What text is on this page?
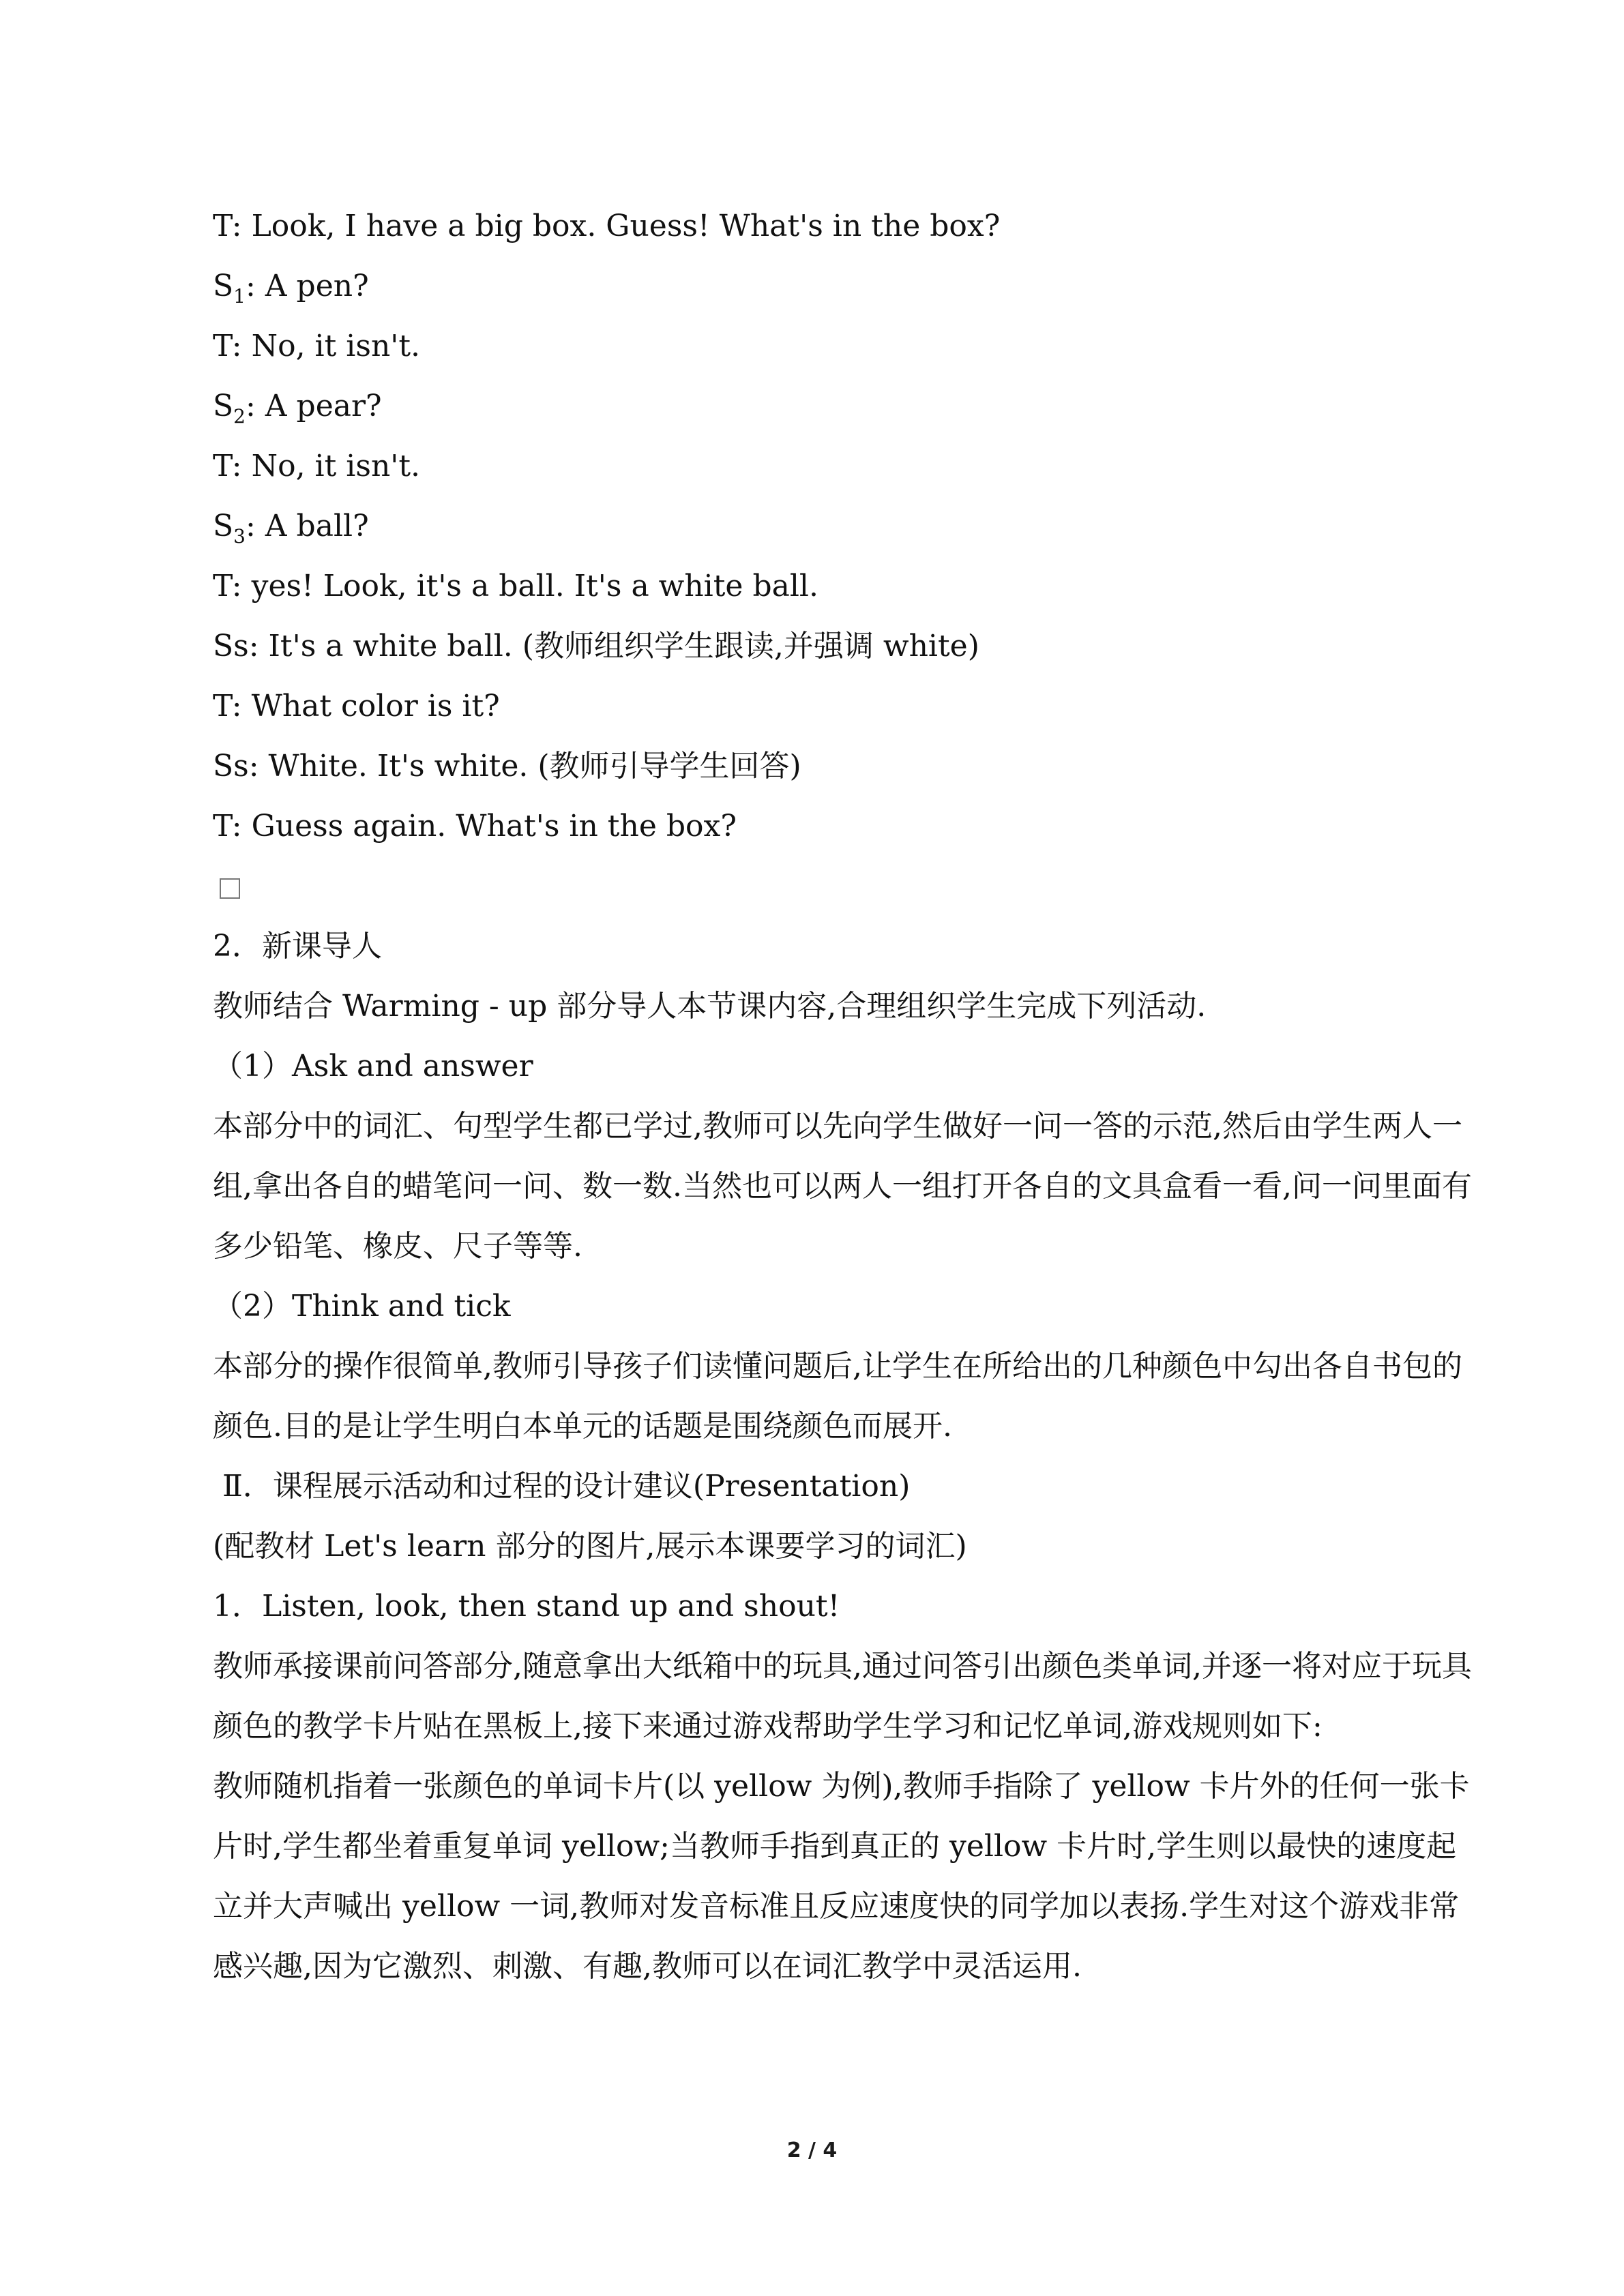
T: Look, I have a big box. Guess! What's in the box?
$S_1$: A pen?
T: No, it isn't.
$S_2$: A pear?
T: No, it isn't.
$S_3$: A ball?
T: yes! Look, it's a ball. It's a white ball.
Ss: It's a white ball. (教师组织学生跟读,并强调 white)
T: What color is it?
Ss: White. It's white. (教师引导学生回答)
T: Guess again. What's in the box?
2．新课导人
教师结合 Warming - up 部分导人本节课内容,合理组织学生完成下列活动.
（1）Ask and answer
本部分中的词汇、句型学生都已学过,教师可以先向学生做好一问一答的示范,然后由学生两人一组,拿出各自的蜡笔问一问、数一数.当然也可以两人一组打开各自的文具盒看一看,问一问里面有多少铅笔、橡皮、尺子等等.
（2）Think and tick
本部分的操作很简单,教师引导孩子们读懂问题后,让学生在所给出的几种颜色中勾出各自书包的颜色.目的是让学生明白本单元的话题是围绕颜色而展开.
Ⅱ．课程展示活动和过程的设计建议(Presentation)
(配教材 Let's learn 部分的图片,展示本课要学习的词汇)
1．Listen, look, then stand up and shout!
教师承接课前问答部分,随意拿出大纸箱中的玩具,通过问答引出颜色类单词,并逐一将对应于玩具颜色的教学卡片贴在黑板上,接下来通过游戏帮助学生学习和记忆单词,游戏规则如下:
教师随机指着一张颜色的单词卡片(以 yellow 为例),教师手指除了 yellow 卡片外的任何一张卡片时,学生都坐着重复单词 yellow;当教师手指到真正的 yellow 卡片时,学生则以最快的速度起立并大声喊出 yellow 一词,教师对发音标准且反应速度快的同学加以表扬.学生对这个游戏非常感兴趣,因为它激烈、刺激、有趣,教师可以在词汇教学中灵活运用.
2 / 4
